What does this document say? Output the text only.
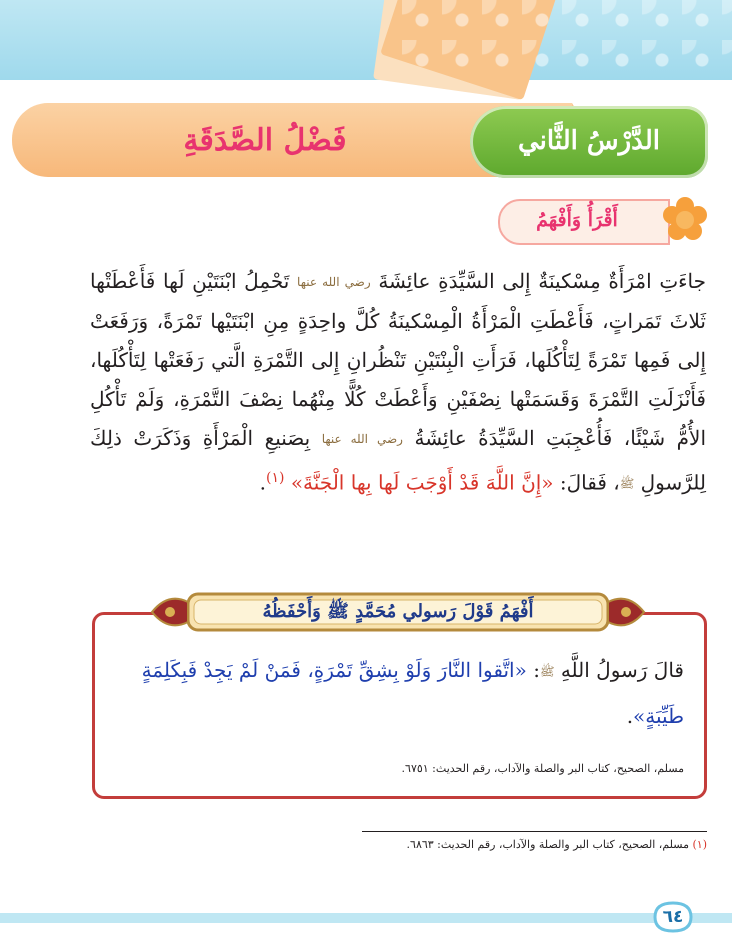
فَضْلُ الصَّدَقَةِ	الدَّرْسُ الثَّاني
أَقْرَأُ وَأَفْهَمُ
جاءَتِ امْرَأَةٌ مِسْكينَةٌ إِلى السَّيِّدَةِ عائِشَةَ رضي الله عنها تَحْمِلُ ابْنَتَيْنِ لَها فَأَعْطَتْها ثَلاثَ تَمَراتٍ، فَأَعْطَتِ الْمَرْأَةُ الْمِسْكينَةُ كُلَّ واحِدَةٍ مِنِ ابْنَتَيْها تَمْرَةً، وَرَفَعَتْ إِلى فَمِها تَمْرَةً لِتَأْكُلَها، فَرَأَتِ الْبِنْتَيْنِ تَنْظُرانِ إِلى التَّمْرَةِ الَّتي رَفَعَتْها لِتَأْكُلَها، فَأَنْزَلَتِ التَّمْرَةَ وَقَسَمَتْها نِصْفَيْنِ وَأَعْطَتْ كُلًّا مِنْهُما نِصْفَ التَّمْرَةِ، وَلَمْ تَأْكُلِ الأُمُّ شَيْئًا، فَأُعْجِبَتِ السَّيِّدَةُ عائِشَةُ رضي الله عنها بِصَنيعِ الْمَرْأَةِ وَذَكَرَتْ ذلِكَ لِلرَّسولِ ﷺ، فَقالَ: «إِنَّ اللَّهَ قَدْ أَوْجَبَ لَها بِها الْجَنَّةَ» $^{(١)}$.
أَفْهَمُ قَوْلَ رَسولي مُحَمَّدٍ ﷺ وَأَحْفَظُهُ
قالَ رَسولُ اللَّهِ ﷺ: «اتَّقوا النَّارَ وَلَوْ بِشِقِّ تَمْرَةٍ، فَمَنْ لَمْ يَجِدْ فَبِكَلِمَةٍ طَيِّبَةٍ».
مسلم، الصحيح، كتاب البر والصلة والآداب، رقم الحديث: ٦٧٥١.
(١) مسلم، الصحيح، كتاب البر والصلة والآداب، رقم الحديث: ٦٨٦٣.
٦٤
